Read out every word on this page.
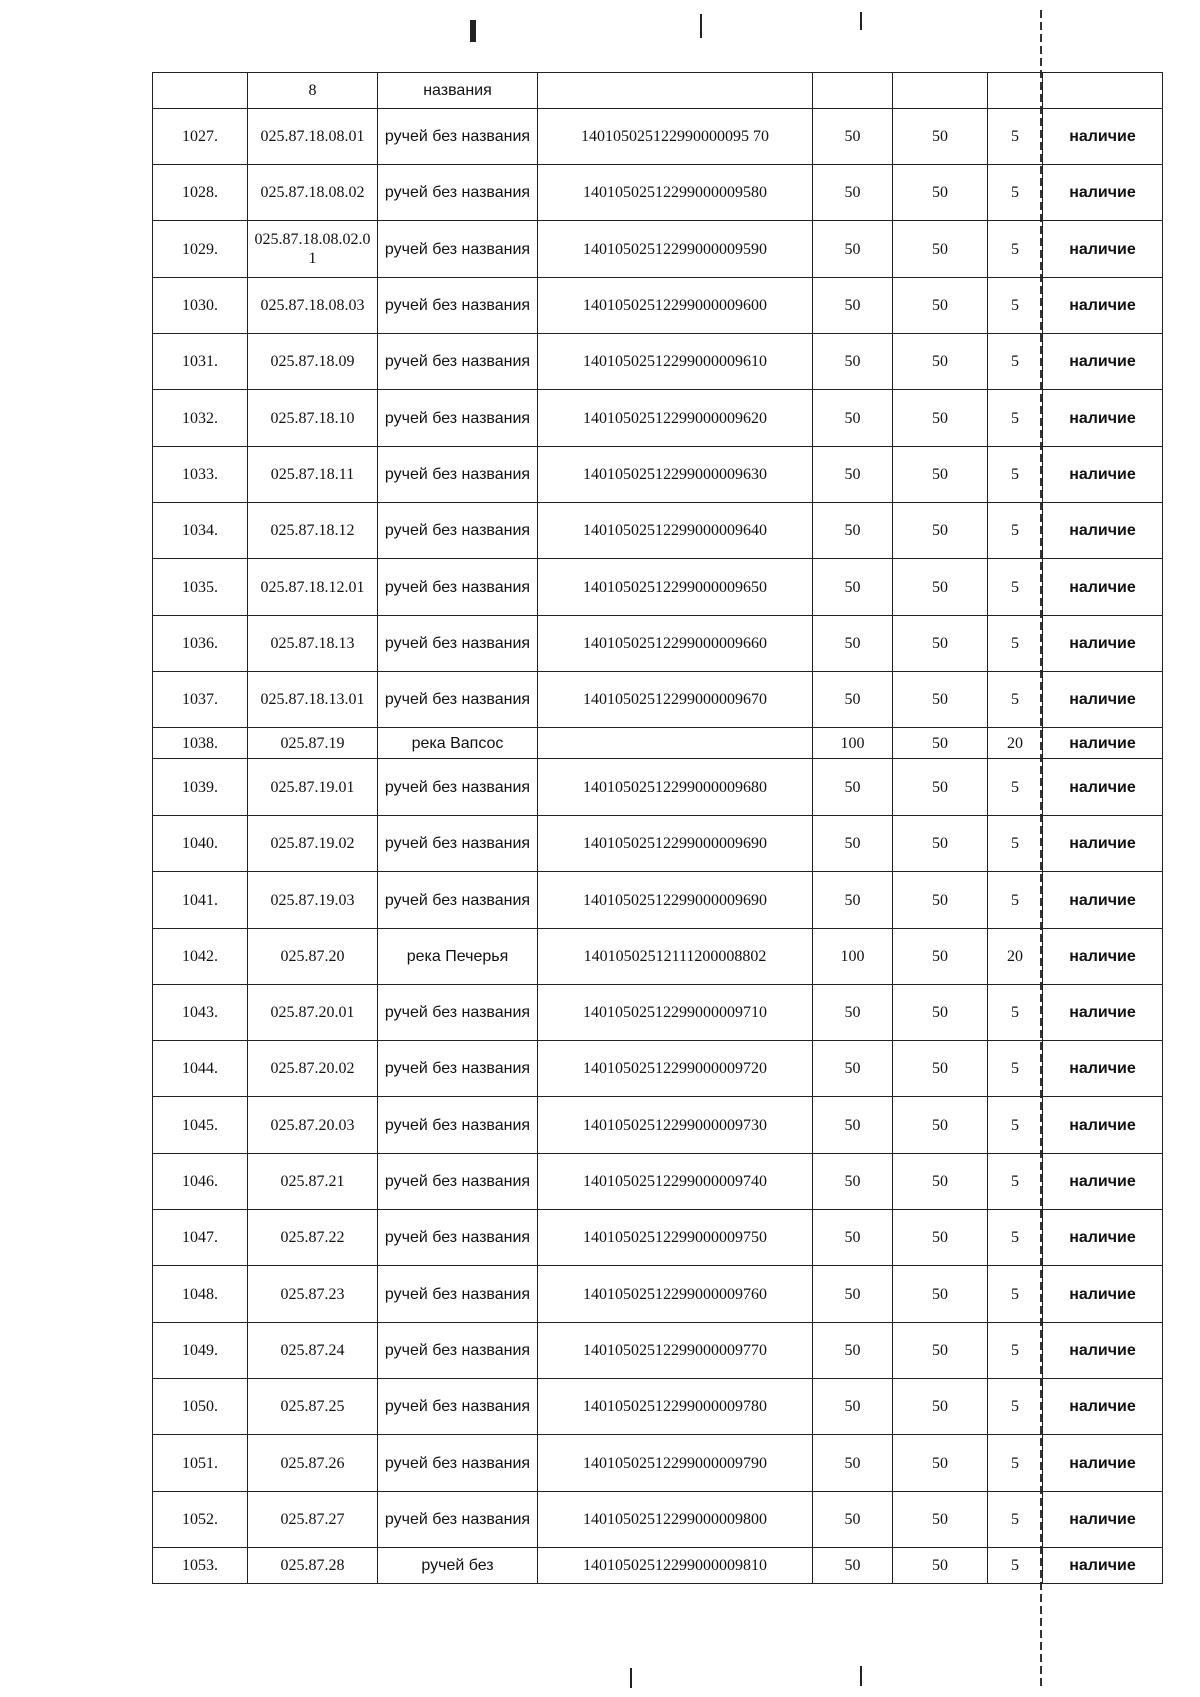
	8	названия					
1027.	025.87.18.08.01	ручей без названия	140105025122990000095 70	50	50	5	наличие
1028.	025.87.18.08.02	ручей без названия	14010502512299000009580	50	50	5	наличие
1029.	025.87.18.08.02.01	ручей без названия	14010502512299000009590	50	50	5	наличие
1030.	025.87.18.08.03	ручей без названия	14010502512299000009600	50	50	5	наличие
1031.	025.87.18.09	ручей без названия	14010502512299000009610	50	50	5	наличие
1032.	025.87.18.10	ручей без названия	14010502512299000009620	50	50	5	наличие
1033.	025.87.18.11	ручей без названия	14010502512299000009630	50	50	5	наличие
1034.	025.87.18.12	ручей без названия	14010502512299000009640	50	50	5	наличие
1035.	025.87.18.12.01	ручей без названия	14010502512299000009650	50	50	5	наличие
1036.	025.87.18.13	ручей без названия	14010502512299000009660	50	50	5	наличие
1037.	025.87.18.13.01	ручей без названия	14010502512299000009670	50	50	5	наличие
1038.	025.87.19	река Вапсос		100	50	20	наличие
1039.	025.87.19.01	ручей без названия	14010502512299000009680	50	50	5	наличие
1040.	025.87.19.02	ручей без названия	14010502512299000009690	50	50	5	наличие
1041.	025.87.19.03	ручей без названия	14010502512299000009690	50	50	5	наличие
1042.	025.87.20	река Печерья	14010502512111200008802	100	50	20	наличие
1043.	025.87.20.01	ручей без названия	14010502512299000009710	50	50	5	наличие
1044.	025.87.20.02	ручей без названия	14010502512299000009720	50	50	5	наличие
1045.	025.87.20.03	ручей без названия	14010502512299000009730	50	50	5	наличие
1046.	025.87.21	ручей без названия	14010502512299000009740	50	50	5	наличие
1047.	025.87.22	ручей без названия	14010502512299000009750	50	50	5	наличие
1048.	025.87.23	ручей без названия	14010502512299000009760	50	50	5	наличие
1049.	025.87.24	ручей без названия	14010502512299000009770	50	50	5	наличие
1050.	025.87.25	ручей без названия	14010502512299000009780	50	50	5	наличие
1051.	025.87.26	ручей без названия	14010502512299000009790	50	50	5	наличие
1052.	025.87.27	ручей без названия	14010502512299000009800	50	50	5	наличие
1053.	025.87.28	ручей без	14010502512299000009810	50	50	5	наличие
